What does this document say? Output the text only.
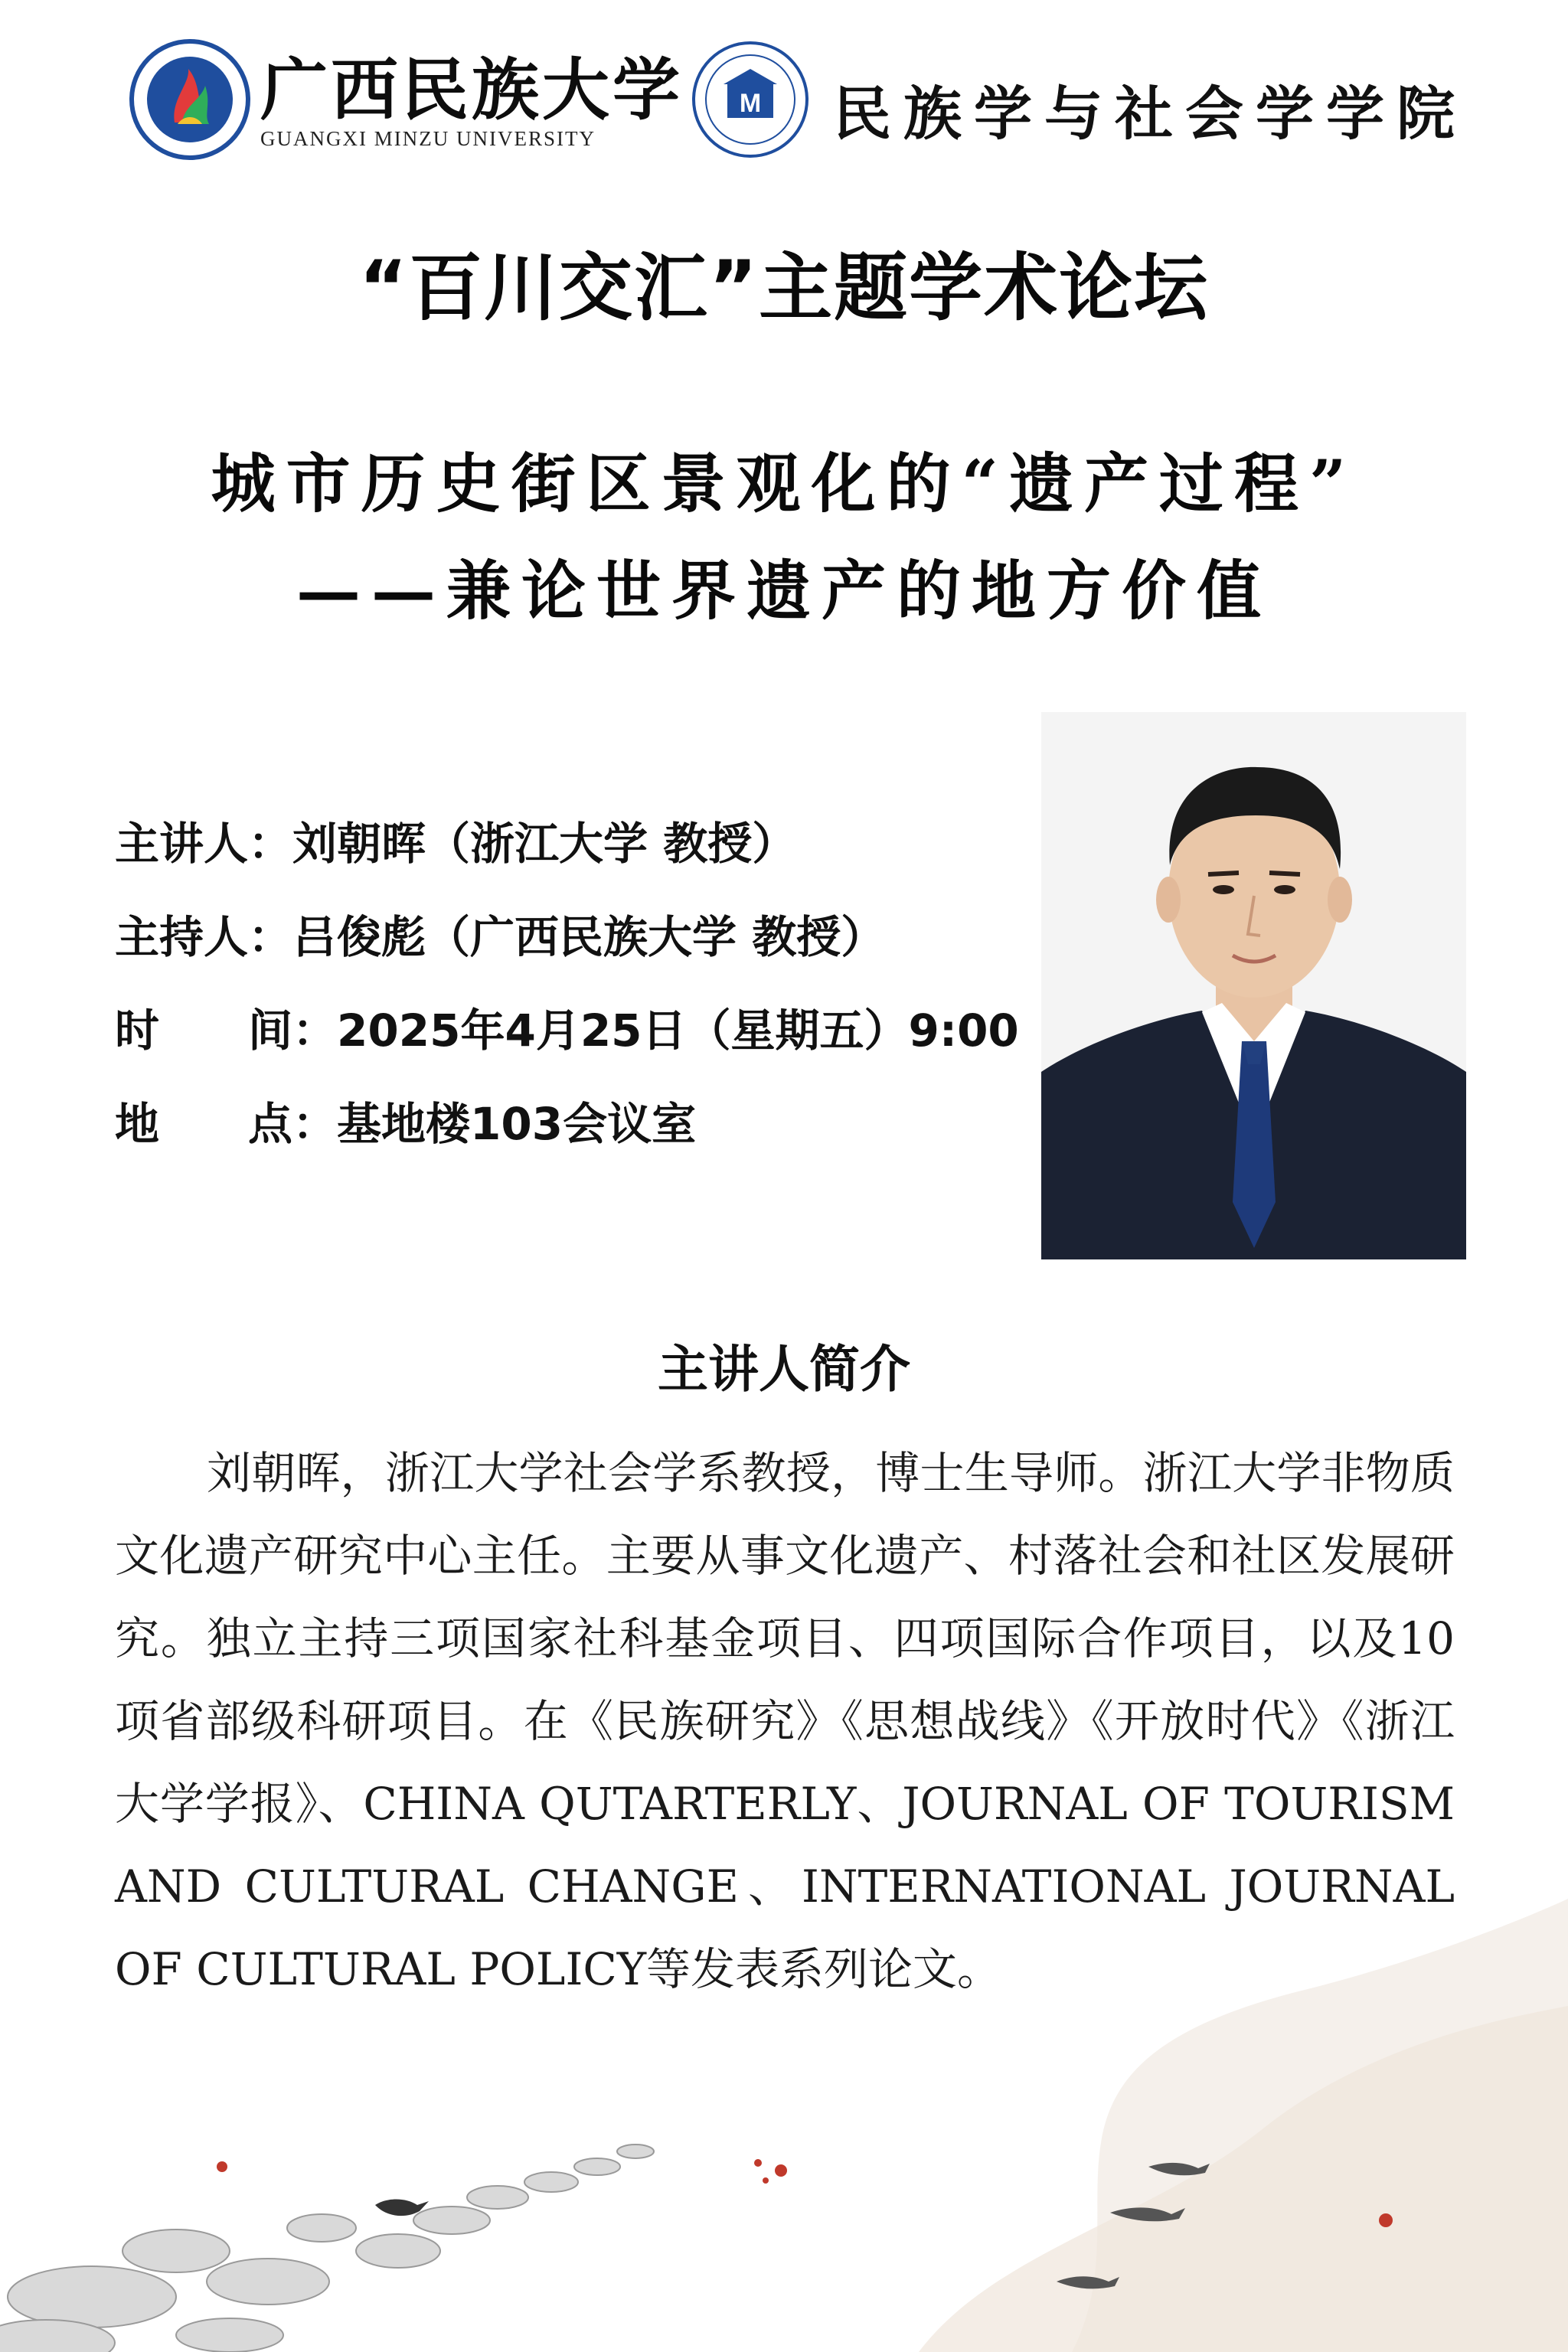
广西民族大学
GUANGXI MINZU UNIVERSITY
M 民族学与社会学学院
“百川交汇”主题学术论坛
城市历史街区景观化的“遗产过程”
——兼论世界遗产的地方价值
主讲人：刘朝晖（浙江大学 教授）
主持人：吕俊彪（广西民族大学 教授）
时 间：2025年4月25日（星期五）9:00
地 点：基地楼103会议室
主讲人简介
刘朝晖，浙江大学社会学系教授，博士生导师。浙江大学非物质文化遗产研究中心主任。主要从事文化遗产、村落社会和社区发展研究。独立主持三项国家社科基金项目、四项国际合作项目，以及10项省部级科研项目。在《民族研究》《思想战线》《开放时代》《浙江大学学报》、CHINA QUTARTERLY、JOURNAL OF TOURISM AND CULTURAL CHANGE、INTERNATIONAL JOURNAL OF CULTURAL POLICY等发表系列论文。
